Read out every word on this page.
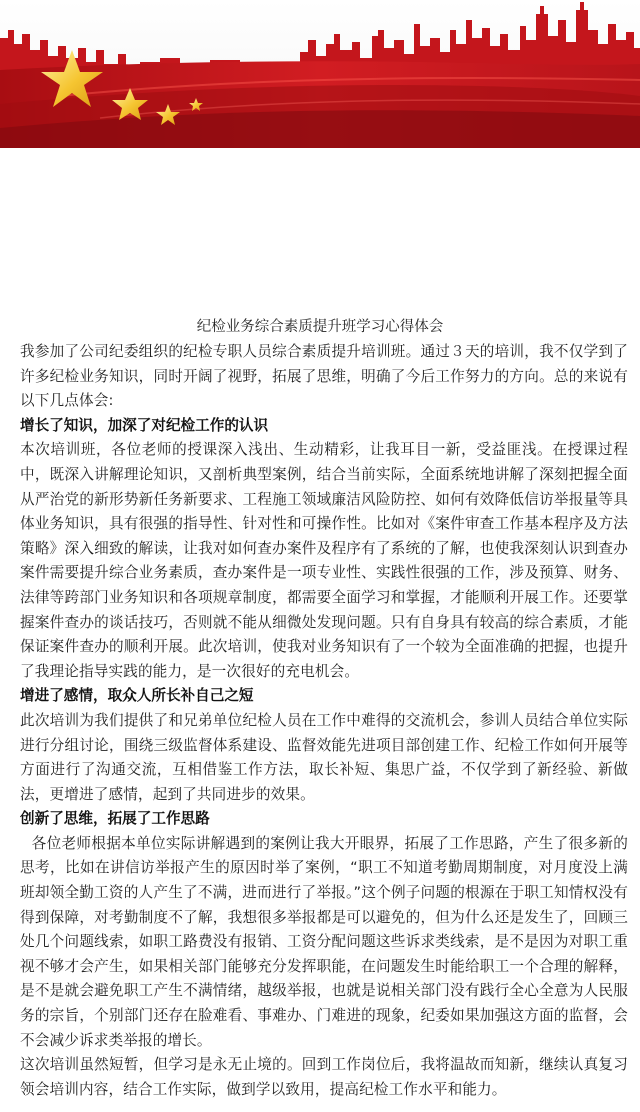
纪检业务综合素质提升班学习心得体会

我参加了公司纪委组织的纪检专职人员综合素质提升培训班。通过３天的培训，我不仅学到了许多纪检业务知识，同时开阔了视野，拓展了思维，明确了今后工作努力的方向。总的来说有以下几点体会:

增长了知识，加深了对纪检工作的认识

本次培训班，各位老师的授课深入浅出、生动精彩，让我耳目一新，受益匪浅。在授课过程中，既深入讲解理论知识，又剖析典型案例，结合当前实际，全面系统地讲解了深刻把握全面从严治党的新形势新任务新要求、工程施工领域廉洁风险防控、如何有效降低信访举报量等具体业务知识，具有很强的指导性、针对性和可操作性。比如对《案件审查工作基本程序及方法策略》深入细致的解读，让我对如何查办案件及程序有了系统的了解，也使我深刻认识到查办案件需要提升综合业务素质，查办案件是一项专业性、实践性很强的工作，涉及预算、财务、法律等跨部门业务知识和各项规章制度，都需要全面学习和掌握，才能顺利开展工作。还要掌握案件查办的谈话技巧，否则就不能从细微处发现问题。只有自身具有较高的综合素质，才能保证案件查办的顺利开展。此次培训，使我对业务知识有了一个较为全面准确的把握，也提升了我理论指导实践的能力，是一次很好的充电机会。

增进了感情，取众人所长补自己之短

此次培训为我们提供了和兄弟单位纪检人员在工作中难得的交流机会，参训人员结合单位实际进行分组讨论，围绕三级监督体系建设、监督效能先进项目部创建工作、纪检工作如何开展等方面进行了沟通交流，互相借鉴工作方法，取长补短、集思广益，不仅学到了新经验、新做法，更增进了感情，起到了共同进步的效果。

创新了思维，拓展了工作思路

各位老师根据本单位实际讲解遇到的案例让我大开眼界，拓展了工作思路，产生了很多新的思考，比如在讲信访举报产生的原因时举了案例，“职工不知道考勤周期制度，对月度没上满班却领全勤工资的人产生了不满，进而进行了举报。”这个例子问题的根源在于职工知情权没有得到保障，对考勤制度不了解，我想很多举报都是可以避免的，但为什么还是发生了，回顾三处几个问题线索，如职工路费没有报销、工资分配问题这些诉求类线索，是不是因为对职工重视不够才会产生，如果相关部门能够充分发挥职能，在问题发生时能给职工一个合理的解释，是不是就会避免职工产生不满情绪，越级举报，也就是说相关部门没有践行全心全意为人民服务的宗旨，个别部门还存在脸难看、事难办、门难进的现象，纪委如果加强这方面的监督，会不会减少诉求类举报的增长。

这次培训虽然短暂，但学习是永无止境的。回到工作岗位后，我将温故而知新，继续认真复习领会培训内容，结合工作实际，做到学以致用，提高纪检工作水平和能力。
